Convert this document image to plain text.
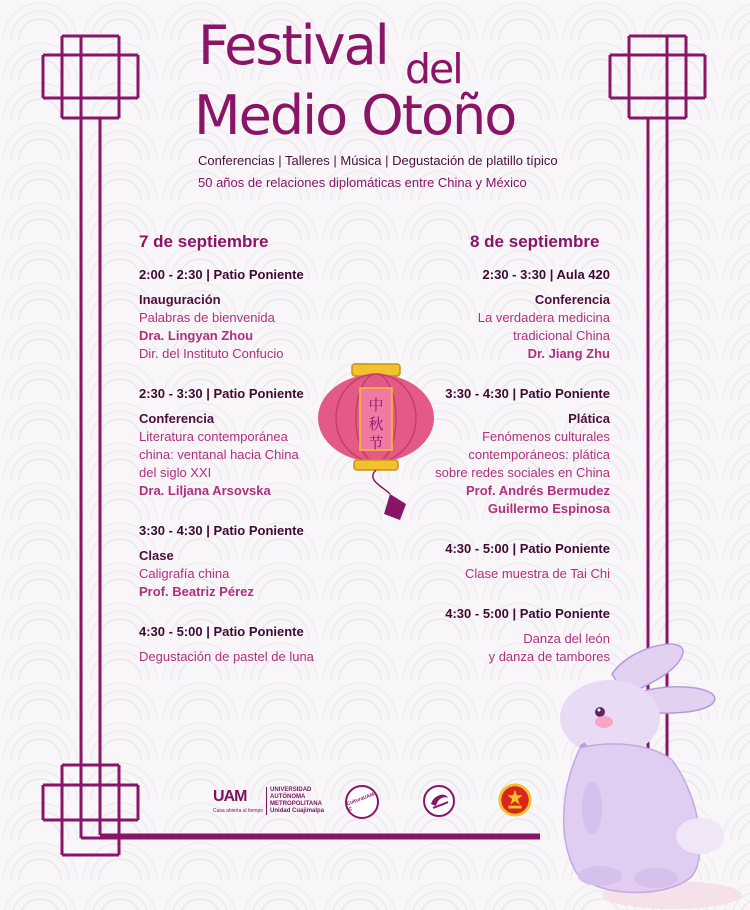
Festival del
Medio Otoño
Conferencias | Talleres | Música | Degustación de platillo típico
50 años de relaciones diplomáticas entre China y México
7 de septiembre	8 de septiembre
2:00 - 2:30 | Patio Poniente
Inauguración
Palabras de bienvenida
Dra. Lingyan Zhou
Dir. del Instituto Confucio
2:30 - 3:30 | Patio Poniente
Conferencia
Literatura contemporánea
china: ventanal hacia China
del siglo XXI
Dra. Liljana Arsovska
3:30 - 4:30 | Patio Poniente
Clase
Caligrafía china
Prof. Beatriz Pérez
4:30 - 5:00 | Patio Poniente
Degustación de pastel de luna
2:30 - 3:30 | Aula 420
Conferencia
La verdadera medicina
tradicional China
Dr. Jiang Zhu
3:30 - 4:30 | Patio Poniente
Plática
Fenómenos culturales
contemporáneos: plática
sobre redes sociales en China
Prof. Andrés Bermudez
Guillermo Espinosa
4:30 - 5:00 | Patio Poniente
Clase muestra de Tai Chi
4:30 - 5:00 | Patio Poniente
Danza del león
y danza de tambores
中
秋
节
UAM
Casa abierta al tiempo
UNIVERSIDAD
AUTÓNOMA
METROPOLITANA
Unidad Cuajimalpa
CulturaUAM-C
